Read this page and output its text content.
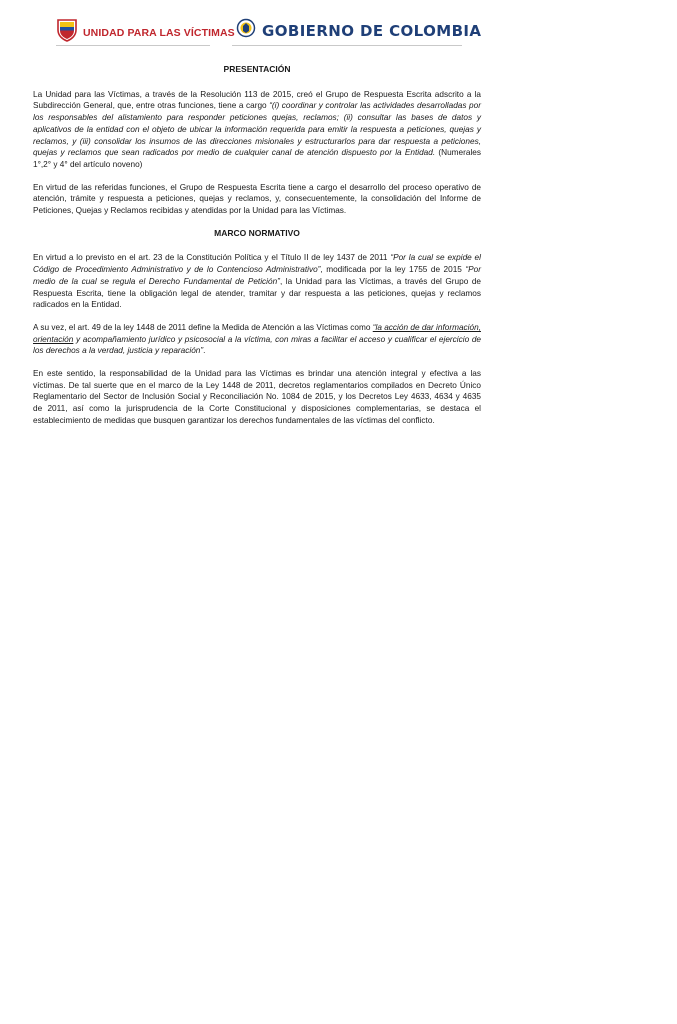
UNIDAD PARA LAS VÍCTIMAS GOBIERNO DE COLOMBIA
PRESENTACIÓN

La Unidad para las Víctimas, a través de la Resolución 113 de 2015, creó el Grupo de Respuesta Escrita adscrito a la Subdirección General, que, entre otras funciones, tiene a cargo “(i) coordinar y controlar las actividades desarrolladas por los responsables del alistamiento para responder peticiones quejas, reclamos; (ii) consultar las bases de datos y aplicativos de la entidad con el objeto de ubicar la información requerida para emitir la respuesta a peticiones, quejas y reclamos, y (iii) consolidar los insumos de las direcciones misionales y estructurarlos para dar respuesta a peticiones, quejas y reclamos que sean radicados por medio de cualquier canal de atención dispuesto por la Entidad. (Numerales 1°,2° y 4° del artículo noveno)

En virtud de las referidas funciones, el Grupo de Respuesta Escrita tiene a cargo el desarrollo del proceso operativo de atención, trámite y respuesta a peticiones, quejas y reclamos, y, consecuentemente, la consolidación del Informe de Peticiones, Quejas y Reclamos recibidas y atendidas por la Unidad para las Víctimas.

MARCO NORMATIVO

En virtud a lo previsto en el art. 23 de la Constitución Política y el Título II de ley 1437 de 2011 “Por la cual se expide el Código de Procedimiento Administrativo y de lo Contencioso Administrativo”, modificada por la ley 1755 de 2015 “Por medio de la cual se regula el Derecho Fundamental de Petición”, la Unidad para las Víctimas, a través del Grupo de Respuesta Escrita, tiene la obligación legal de atender, tramitar y dar respuesta a las peticiones, quejas y reclamos radicados en la Entidad.

A su vez, el art. 49 de la ley 1448 de 2011 define la Medida de Atención a las Víctimas como “la acción de dar información, orientación y acompañamiento jurídico y psicosocial a la víctima, con miras a facilitar el acceso y cualificar el ejercicio de los derechos a la verdad, justicia y reparación”.

En este sentido, la responsabilidad de la Unidad para las Víctimas es brindar una atención integral y efectiva a las víctimas. De tal suerte que en el marco de la Ley 1448 de 2011, decretos reglamentarios compilados en Decreto Único Reglamentario del Sector de Inclusión Social y Reconciliación No. 1084 de 2015, y los Decretos Ley 4633, 4634 y 4635 de 2011, así como la jurisprudencia de la Corte Constitucional y disposiciones complementarias, se destaca el establecimiento de medidas que busquen garantizar los derechos fundamentales de las víctimas del conflicto.
